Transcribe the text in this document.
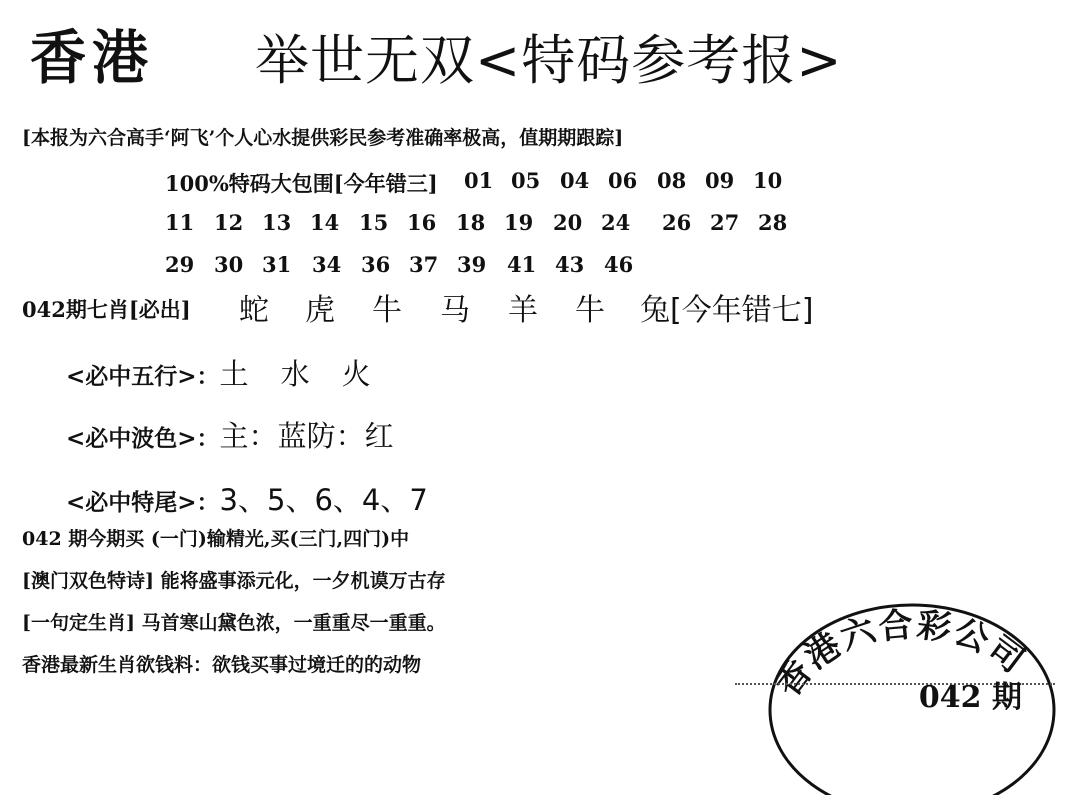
香港 举世无双<特码参考报>
[本报为六合高手‘阿飞’个人心水提供彩民参考准确率极高，值期期跟踪]
100%特码大包围[今年错三] 01 05 04 06 08 09 10
11 12 13 14 15 16 18 19 20 24 26 27 28
29 30 31 34 36 37 39 41 43 46
042期七肖[必出] 蛇 虎 牛 马 羊 牛 兔 [今年错七]
<必中五行>：土 水 火
<必中波色>：主：蓝防：红
<必中特尾>：3、5、6、4、7
042 期今期买 (一门)输精光,买(三门,四门)中
[澳门双色特诗] 能将盛事添元化，一夕机谟万古存
[一句定生肖] 马首寒山黛色浓，一重重尽一重重。
香港最新生肖欲钱料：欲钱买事过境迁的的动物	香港六合彩公司
042 期
